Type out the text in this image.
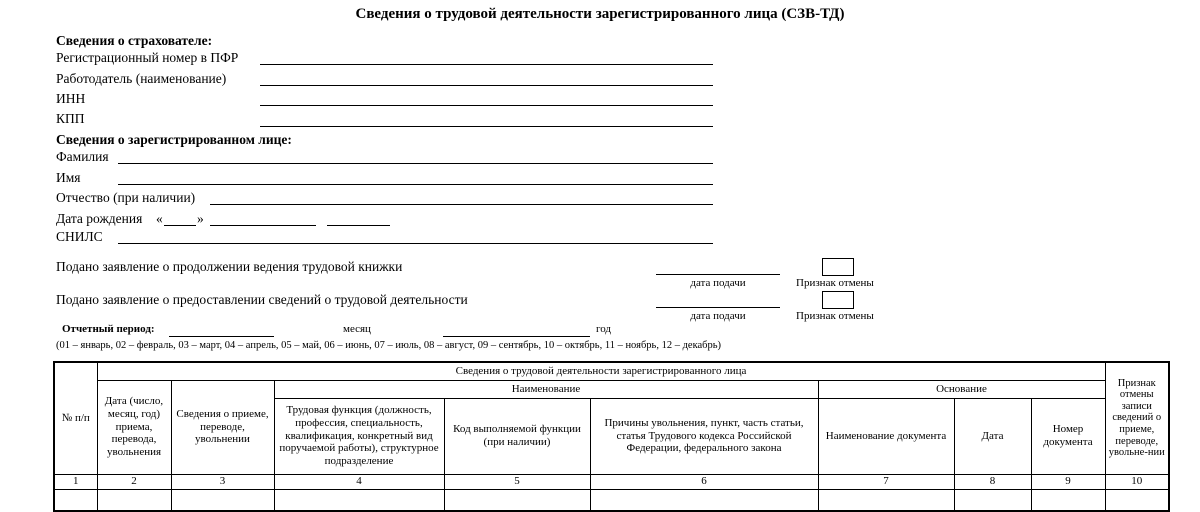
Сведения о трудовой деятельности зарегистрированного лица (СЗВ-ТД)
Сведения о страхователе:
Регистрационный номер в ПФР
Работодатель (наименование)
ИНН
КПП
Сведения о зарегистрированном лице:
Фамилия
Имя
Отчество (при наличии)
Дата рождения «	»
СНИЛС
Подано заявление о продолжении ведения трудовой книжки
дата подачи	Признак отмены
Подано заявление о предоставлении сведений о трудовой деятельности
дата подачи	Признак отмены
Отчетный период:	месяц	год
(01 – январь, 02 – февраль, 03 – март, 04 – апрель, 05 – май, 06 – июнь, 07 – июль, 08 – август, 09 – сентябрь, 10 – октябрь, 11 – ноябрь, 12 – декабрь)
№ п/п	Сведения о трудовой деятельности зарегистрированного лица								Признак отмены записи сведений о приеме, переводе, увольне-нии
	Дата (число, месяц, год) приема, перевода, увольнения	Сведения о приеме, переводе, увольнении	Наименование			Основание			
			Трудовая функция (должность, профессия, специальность, квалификация, конкретный вид поручаемой работы), структурное подразделение	Код выполняемой функции (при наличии)	Причины увольнения, пункт, часть статьи, статья Трудового кодекса Российской Федерации, федерального закона	Наименование документа	Дата	Номер документа	
1	2	3	4	5	6	7	8	9	10
